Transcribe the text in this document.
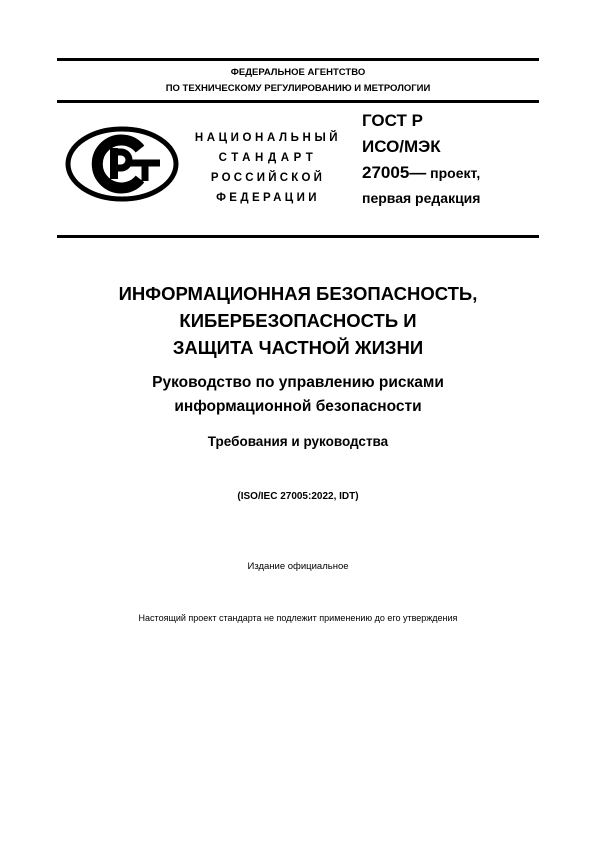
ФЕДЕРАЛЬНОЕ АГЕНТСТВО
ПО ТЕХНИЧЕСКОМУ РЕГУЛИРОВАНИЮ И МЕТРОЛОГИИ
НАЦИОНАЛЬНЫЙ
СТАНДАРТ
РОССИЙСКОЙ
ФЕДЕРАЦИИ
ГОСТ Р
ИСО/МЭК
27005— проект,
первая редакция
ИНФОРМАЦИОННАЯ БЕЗОПАСНОСТЬ,
КИБЕРБЕЗОПАСНОСТЬ И
ЗАЩИТА ЧАСТНОЙ ЖИЗНИ
Руководство по управлению рисками
информационной безопасности
Требования и руководства
(ISO/IEC 27005:2022, IDT)
Издание официальное
Настоящий проект стандарта не подлежит применению до его утверждения
